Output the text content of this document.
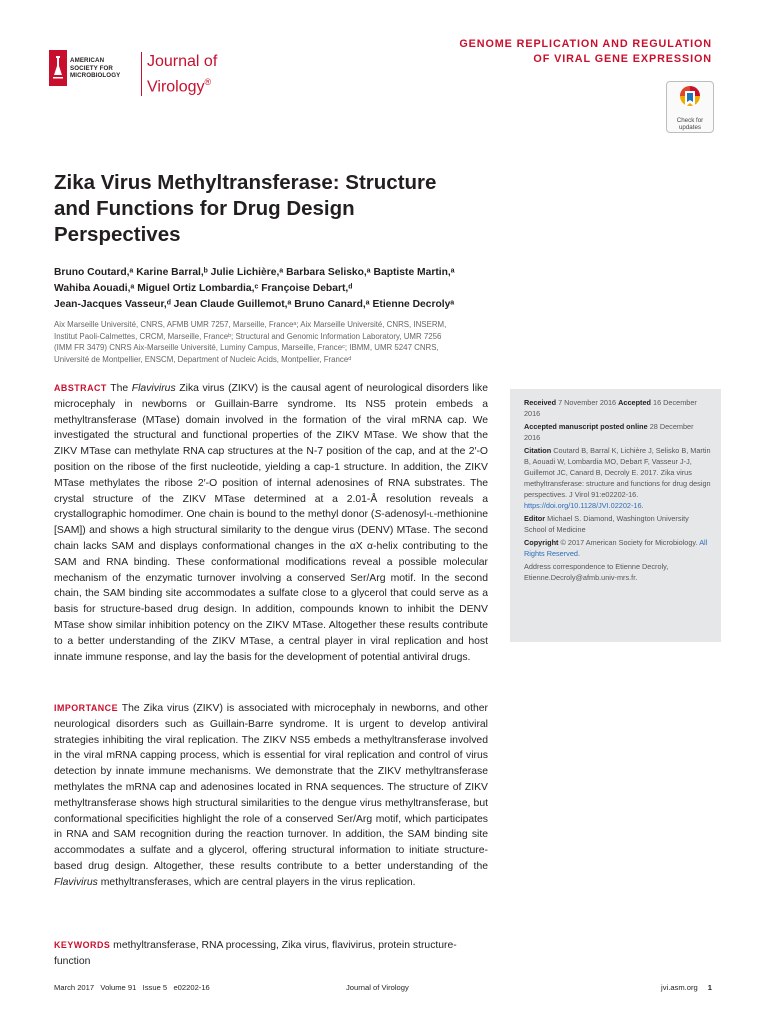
AMERICAN
SOCIETY FOR
MICROBIOLOGY
Journal of
Virology®
GENOME REPLICATION AND REGULATION
OF VIRAL GENE EXPRESSION
Check for
updates
Zika Virus Methyltransferase: Structure
and Functions for Drug Design
Perspectives
Bruno Coutard,ᵃ Karine Barral,ᵇ Julie Lichière,ᵃ Barbara Selisko,ᵃ Baptiste Martin,ᵃ
Wahiba Aouadi,ᵃ Miguel Ortiz Lombardia,ᶜ Françoise Debart,ᵈ
Jean-Jacques Vasseur,ᵈ Jean Claude Guillemot,ᵃ Bruno Canard,ᵃ Etienne Decrolyᵃ
Aix Marseille Université, CNRS, AFMB UMR 7257, Marseille, Franceᵃ; Aix Marseille Université, CNRS, INSERM,
Institut Paoli-Calmettes, CRCM, Marseille, Franceᵇ; Structural and Genomic Information Laboratory, UMR 7256
(IMM FR 3479) CNRS Aix-Marseille Université, Luminy Campus, Marseille, Franceᶜ; IBMM, UMR 5247 CNRS,
Université de Montpellier, ENSCM, Department of Nucleic Acids, Montpellier, Franceᵈ
ABSTRACT The Flavivirus Zika virus (ZIKV) is the causal agent of neurological disorders like microcephaly in newborns or Guillain-Barre syndrome. Its NS5 protein embeds a methyltransferase (MTase) domain involved in the formation of the viral mRNA cap. We investigated the structural and functional properties of the ZIKV MTase. We show that the ZIKV MTase can methylate RNA cap structures at the N-7 position of the cap, and at the 2′-O position on the ribose of the first nucleotide, yielding a cap-1 structure. In addition, the ZIKV MTase methylates the ribose 2′-O position of internal adenosines of RNA substrates. The crystal structure of the ZIKV MTase determined at a 2.01-Å resolution reveals a crystallographic homodimer. One chain is bound to the methyl donor (S-adenosyl-l-methionine [SAM]) and shows a high structural similarity to the dengue virus (DENV) MTase. The second chain lacks SAM and displays conformational changes in the αX α-helix contributing to the SAM and RNA binding. These conformational modifications reveal a possible molecular mechanism of the enzymatic turnover involving a conserved Ser/Arg motif. In the second chain, the SAM binding site accommodates a sulfate close to a glycerol that could serve as a basis for structure-based drug design. In addition, compounds known to inhibit the DENV MTase show similar inhibition potency on the ZIKV MTase. Altogether these results contribute to a better understanding of the ZIKV MTase, a central player in viral replication and host innate immune response, and lay the basis for the development of potential antiviral drugs.
IMPORTANCE The Zika virus (ZIKV) is associated with microcephaly in newborns, and other neurological disorders such as Guillain-Barre syndrome. It is urgent to develop antiviral strategies inhibiting the viral replication. The ZIKV NS5 embeds a methyltransferase involved in the viral mRNA capping process, which is essential for viral replication and control of virus detection by innate immune mechanisms. We demonstrate that the ZIKV methyltransferase methylates the mRNA cap and adenosines located in RNA sequences. The structure of ZIKV methyltransferase shows high structural similarities to the dengue virus methyltransferase, but conformational specificities highlight the role of a conserved Ser/Arg motif, which participates in RNA and SAM recognition during the reaction turnover. In addition, the SAM binding site accommodates a sulfate and a glycerol, offering structural information to initiate structure-based drug design. Altogether, these results contribute to a better understanding of the Flavivirus methyltransferases, which are central players in the virus replication.
KEYWORDS methyltransferase, RNA processing, Zika virus, flavivirus, protein structure-function
Received 7 November 2016 Accepted 16 December 2016
Accepted manuscript posted online 28 December 2016
Citation Coutard B, Barral K, Lichière J, Selisko B, Martin B, Aouadi W, Lombardia MO, Debart F, Vasseur J-J, Guillemot JC, Canard B, Decroly E. 2017. Zika virus methyltransferase: structure and functions for drug design perspectives. J Virol 91:e02202-16. https://doi.org/10.1128/JVI.02202-16.
Editor Michael S. Diamond, Washington University School of Medicine
Copyright © 2017 American Society for Microbiology. All Rights Reserved.
Address correspondence to Etienne Decroly, Etienne.Decroly@afmb.univ-mrs.fr.
March 2017   Volume 91   Issue 5   e02202-16	Journal of Virology	jvi.asm.org 1
